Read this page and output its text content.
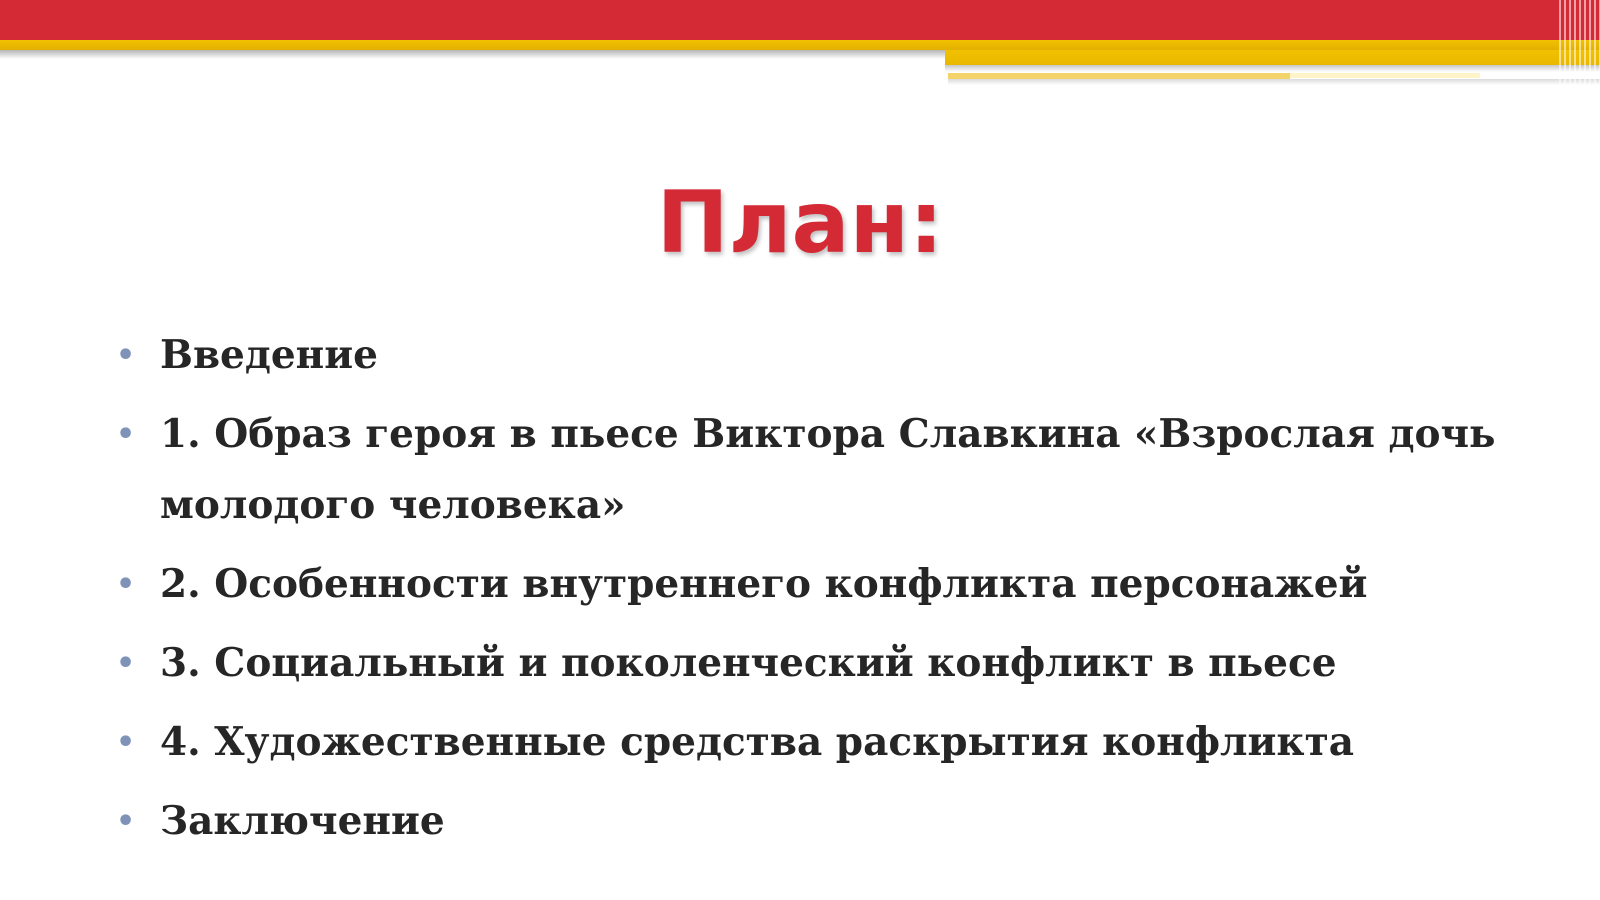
План:
• Введение
• 1. Образ героя в пьесе Виктора Славкина «Взрослая дочь молодого человека»
• 2. Особенности внутреннего конфликта персонажей
• 3. Социальный и поколенческий конфликт в пьесе
• 4. Художественные средства раскрытия конфликта
• Заключение
